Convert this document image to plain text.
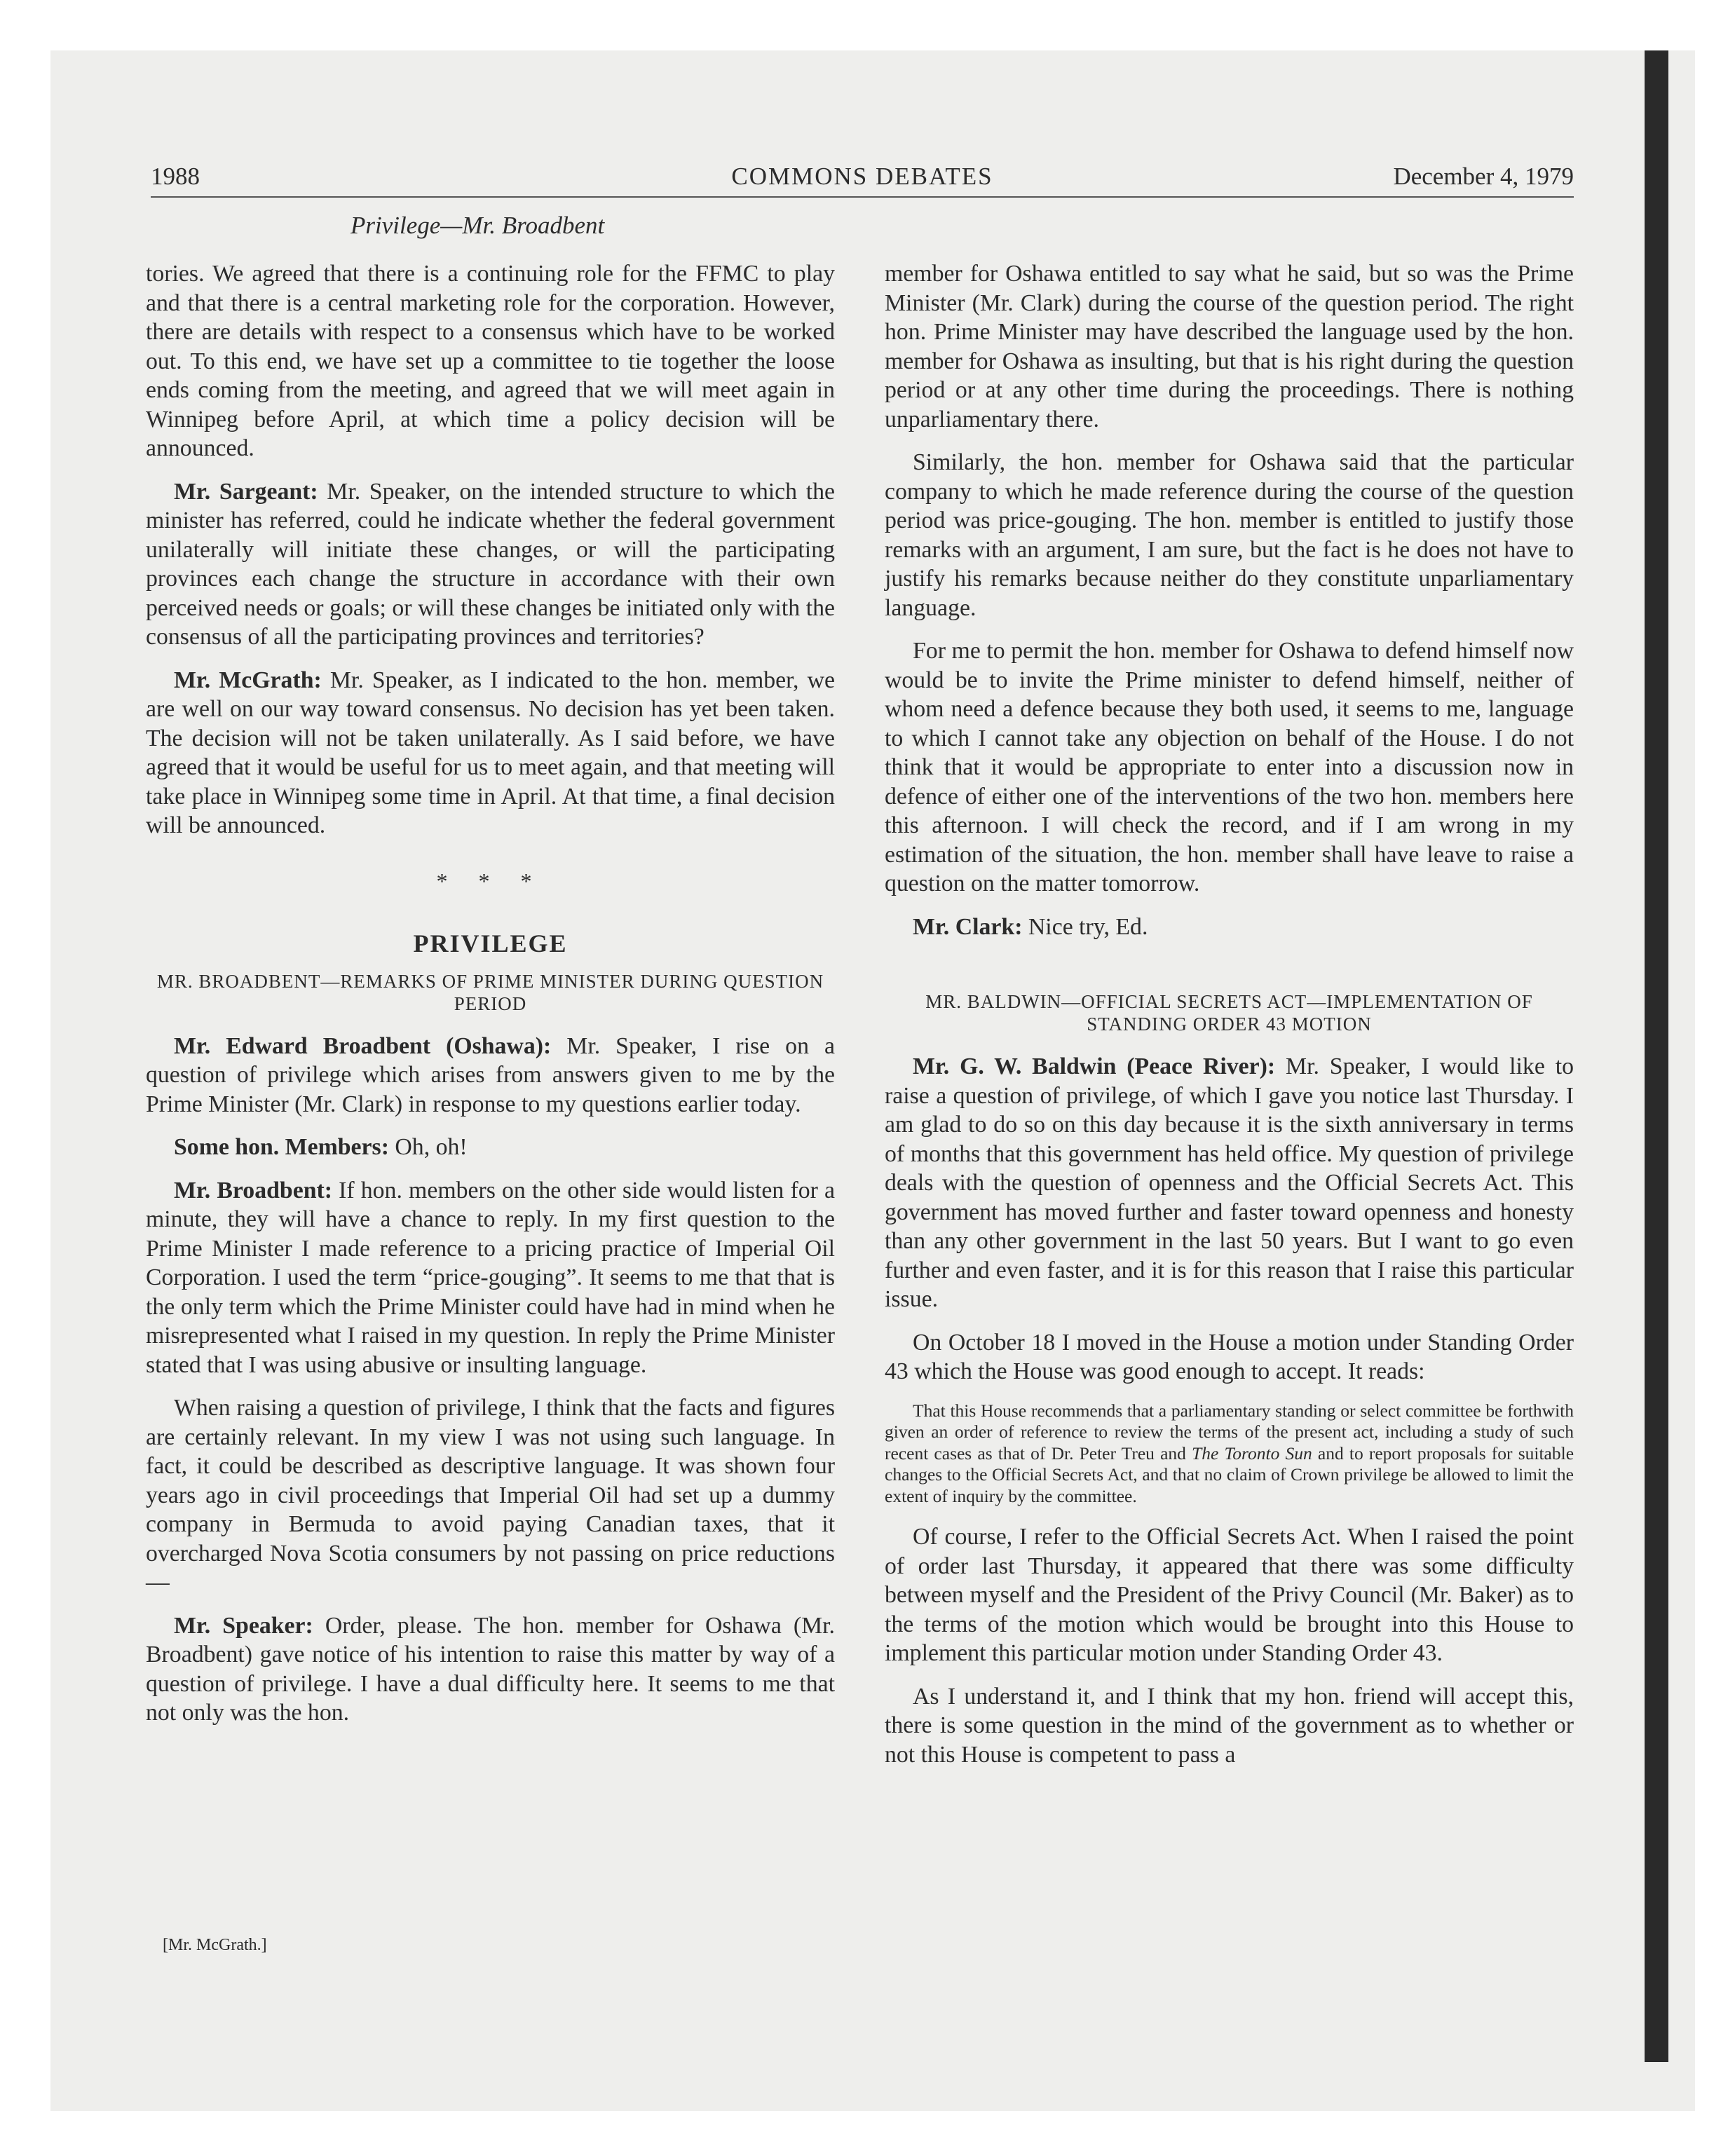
1988	COMMONS DEBATES	December 4, 1979
Privilege—Mr. Broadbent

tories. We agreed that there is a continuing role for the FFMC to play and that there is a central marketing role for the corporation. However, there are details with respect to a consensus which have to be worked out. To this end, we have set up a committee to tie together the loose ends coming from the meeting, and agreed that we will meet again in Winnipeg before April, at which time a policy decision will be announced.

Mr. Sargeant: Mr. Speaker, on the intended structure to which the minister has referred, could he indicate whether the federal government unilaterally will initiate these changes, or will the participating provinces each change the structure in accordance with their own perceived needs or goals; or will these changes be initiated only with the consensus of all the participating provinces and territories?

Mr. McGrath: Mr. Speaker, as I indicated to the hon. member, we are well on our way toward consensus. No decision has yet been taken. The decision will not be taken unilaterally. As I said before, we have agreed that it would be useful for us to meet again, and that meeting will take place in Winnipeg some time in April. At that time, a final decision will be announced.

* * *
PRIVILEGE
MR. BROADBENT—REMARKS OF PRIME MINISTER DURING QUESTION PERIOD

Mr. Edward Broadbent (Oshawa): Mr. Speaker, I rise on a question of privilege which arises from answers given to me by the Prime Minister (Mr. Clark) in response to my questions earlier today.

Some hon. Members: Oh, oh!

Mr. Broadbent: If hon. members on the other side would listen for a minute, they will have a chance to reply. In my first question to the Prime Minister I made reference to a pricing practice of Imperial Oil Corporation. I used the term “price-gouging”. It seems to me that that is the only term which the Prime Minister could have had in mind when he misrepresented what I raised in my question. In reply the Prime Minister stated that I was using abusive or insulting language.

When raising a question of privilege, I think that the facts and figures are certainly relevant. In my view I was not using such language. In fact, it could be described as descriptive language. It was shown four years ago in civil proceedings that Imperial Oil had set up a dummy company in Bermuda to avoid paying Canadian taxes, that it overcharged Nova Scotia consumers by not passing on price reductions—

Mr. Speaker: Order, please. The hon. member for Oshawa (Mr. Broadbent) gave notice of his intention to raise this matter by way of a question of privilege. I have a dual difficulty here. It seems to me that not only was the hon.

[Mr. McGrath.]

member for Oshawa entitled to say what he said, but so was the Prime Minister (Mr. Clark) during the course of the question period. The right hon. Prime Minister may have described the language used by the hon. member for Oshawa as insulting, but that is his right during the question period or at any other time during the proceedings. There is nothing unparliamentary there.

Similarly, the hon. member for Oshawa said that the particular company to which he made reference during the course of the question period was price-gouging. The hon. member is entitled to justify those remarks with an argument, I am sure, but the fact is he does not have to justify his remarks because neither do they constitute unparliamentary language.

For me to permit the hon. member for Oshawa to defend himself now would be to invite the Prime minister to defend himself, neither of whom need a defence because they both used, it seems to me, language to which I cannot take any objection on behalf of the House. I do not think that it would be appropriate to enter into a discussion now in defence of either one of the interventions of the two hon. members here this afternoon. I will check the record, and if I am wrong in my estimation of the situation, the hon. member shall have leave to raise a question on the matter tomorrow.

Mr. Clark: Nice try, Ed.

MR. BALDWIN—OFFICIAL SECRETS ACT—IMPLEMENTATION OF STANDING ORDER 43 MOTION

Mr. G. W. Baldwin (Peace River): Mr. Speaker, I would like to raise a question of privilege, of which I gave you notice last Thursday. I am glad to do so on this day because it is the sixth anniversary in terms of months that this government has held office. My question of privilege deals with the question of openness and the Official Secrets Act. This government has moved further and faster toward openness and honesty than any other government in the last 50 years. But I want to go even further and even faster, and it is for this reason that I raise this particular issue.

On October 18 I moved in the House a motion under Standing Order 43 which the House was good enough to accept. It reads:

That this House recommends that a parliamentary standing or select committee be forthwith given an order of reference to review the terms of the present act, including a study of such recent cases as that of Dr. Peter Treu and The Toronto Sun and to report proposals for suitable changes to the Official Secrets Act, and that no claim of Crown privilege be allowed to limit the extent of inquiry by the committee.

Of course, I refer to the Official Secrets Act. When I raised the point of order last Thursday, it appeared that there was some difficulty between myself and the President of the Privy Council (Mr. Baker) as to the terms of the motion which would be brought into this House to implement this particular motion under Standing Order 43.

As I understand it, and I think that my hon. friend will accept this, there is some question in the mind of the government as to whether or not this House is competent to pass a
